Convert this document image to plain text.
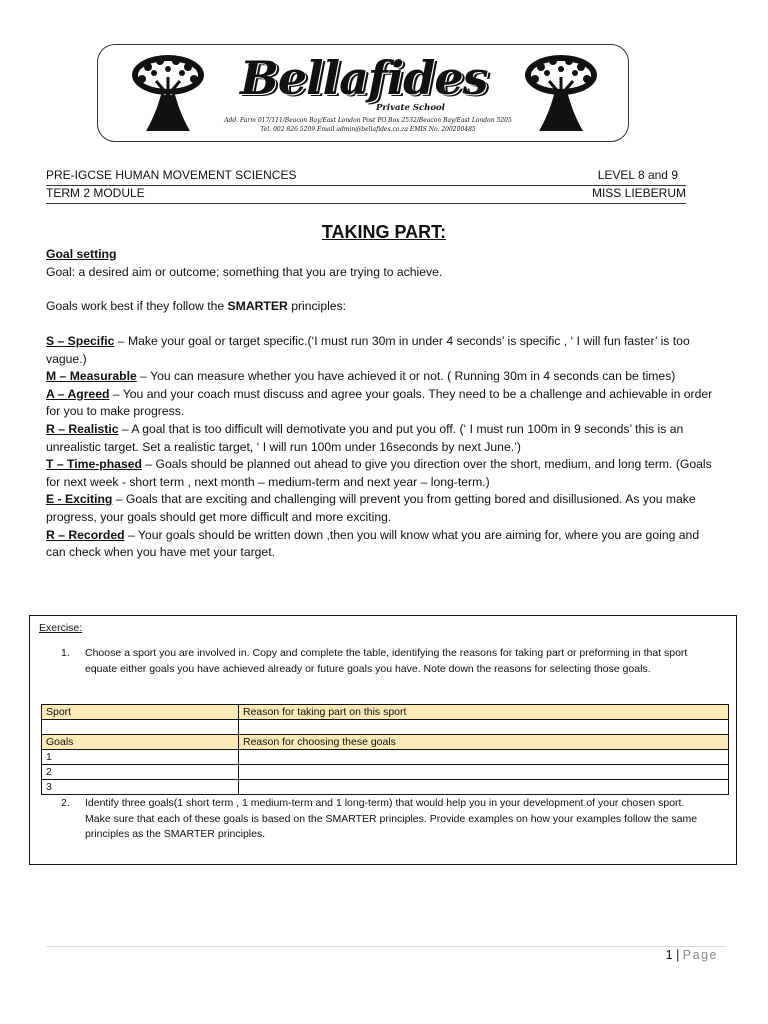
Bellafides
Private School
Add. Farm 017/111/Beacon Bay/East London Post PO Box 2532/Beacon Bay/East London 5205
Tel. 002 826 5209 Email admin@bellafides.co.za EMIS No. 200200485
PRE-IGCSE HUMAN MOVEMENT SCIENCES	LEVEL 8 and 9
TERM 2 MODULE	MISS LIEBERUM
TAKING PART:
Goal setting
Goal: a desired aim or outcome; something that you are trying to achieve.
Goals work best if they follow the SMARTER principles:
S – Specific – Make your goal or target specific.(‘I must run 30m in under 4 seconds’ is specific , ‘ I will fun faster’ is too vague.)
M – Measurable – You can measure whether you have achieved it or not. ( Running 30m in 4 seconds can be times)
A – Agreed – You and your coach must discuss and agree your goals. They need to be a challenge and achievable in order for you to make progress.
R – Realistic – A goal that is too difficult will demotivate you and put you off. (‘ I must run 100m in 9 seconds’ this is an unrealistic target. Set a realistic target, ‘ I will run 100m under 16seconds by next June.’)
T – Time-phased – Goals should be planned out ahead to give you direction over the short, medium, and long term. (Goals for next week - short term , next month – medium-term and next year – long-term.)
E - Exciting – Goals that are exciting and challenging will prevent you from getting bored and disillusioned. As you make progress, your goals should get more difficult and more exciting.
R – Recorded – Your goals should be written down ,then you will know what you are aiming for, where you are going and can check when you have met your target.
Exercise:
1. Choose a sport you are involved in. Copy and complete the table, identifying the reasons for taking part or preforming in that sport equate either goals you have achieved already or future goals you have. Note down the reasons for selecting those goals.
Sport	Reason for taking part on this sport

Goals	Reason for choosing these goals
1	
2	
3	
2. Identify three goals(1 short term , 1 medium-term and 1 long-term) that would help you in your development of your chosen sport. Make sure that each of these goals is based on the SMARTER principles. Provide examples on how your examples follow the same principles as the SMARTER principles.
1 | Page
